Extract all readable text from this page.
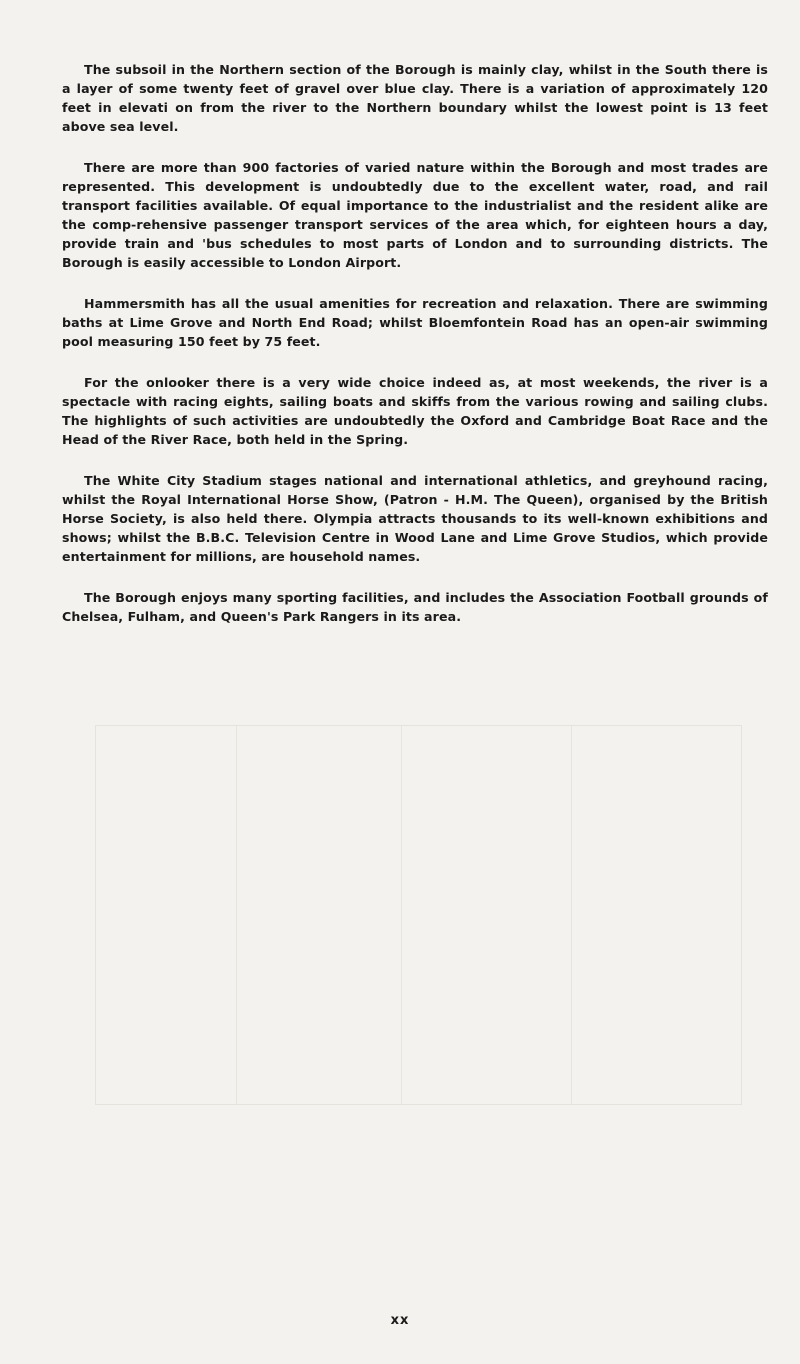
The subsoil in the Northern section of the Borough is mainly clay, whilst in the South there is a layer of some twenty feet of gravel over blue clay. There is a variation of approximately 120 feet in elevati on from the river to the Northern boundary whilst the lowest point is 13 feet above sea level.

There are more than 900 factories of varied nature within the Borough and most trades are represented. This development is undoubtedly due to the excellent water, road, and rail transport facilities available. Of equal importance to the industrialist and the resident alike are the comp-rehensive passenger transport services of the area which, for eighteen hours a day, provide train and 'bus schedules to most parts of London and to surrounding districts. The Borough is easily accessible to London Airport.

Hammersmith has all the usual amenities for recreation and relaxation. There are swimming baths at Lime Grove and North End Road; whilst Bloemfontein Road has an open-air swimming pool measuring 150 feet by 75 feet.

For the onlooker there is a very wide choice indeed as, at most weekends, the river is a spectacle with racing eights, sailing boats and skiffs from the various rowing and sailing clubs. The highlights of such activities are undoubtedly the Oxford and Cambridge Boat Race and the Head of the River Race, both held in the Spring.

The White City Stadium stages national and international athletics, and greyhound racing, whilst the Royal International Horse Show, (Patron - H.M. The Queen), organised by the British Horse Society, is also held there. Olympia attracts thousands to its well-known exhibitions and shows; whilst the B.B.C. Television Centre in Wood Lane and Lime Grove Studios, which provide entertainment for millions, are household names.

The Borough enjoys many sporting facilities, and includes the Association Football grounds of Chelsea, Fulham, and Queen's Park Rangers in its area.

xx
